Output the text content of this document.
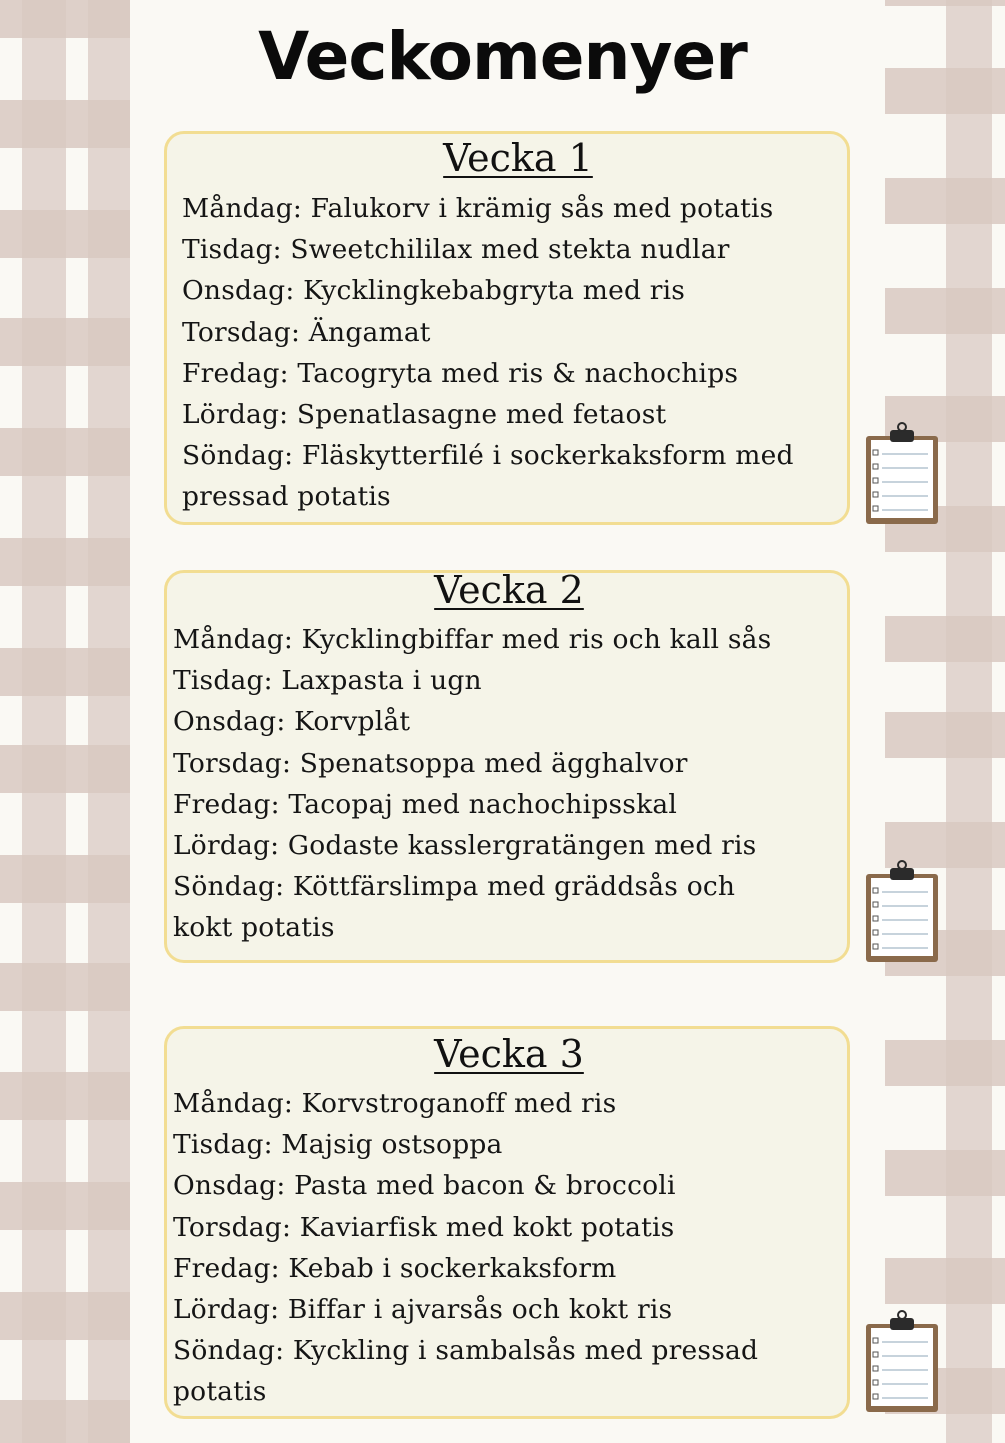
Veckomenyer
Vecka 1
Måndag: Falukorv i krämig sås med potatis
Tisdag: Sweetchililax med stekta nudlar
Onsdag: Kycklingkebabgryta med ris
Torsdag: Ängamat
Fredag: Tacogryta med ris & nachochips
Lördag: Spenatlasagne med fetaost
Söndag: Fläskytterfilé i sockerkaksform med
pressad potatis
Vecka 2
Måndag: Kycklingbiffar med ris och kall sås
Tisdag: Laxpasta i ugn
Onsdag: Korvplåt
Torsdag: Spenatsoppa med ägghalvor
Fredag: Tacopaj med nachochipsskal
Lördag: Godaste kasslergratängen med ris
Söndag: Köttfärslimpa med gräddsås och
kokt potatis
Vecka 3
Måndag: Korvstroganoff med ris
Tisdag: Majsig ostsoppa
Onsdag: Pasta med bacon & broccoli
Torsdag: Kaviarfisk med kokt potatis
Fredag: Kebab i sockerkaksform
Lördag: Biffar i ajvarsås och kokt ris
Söndag: Kyckling i sambalsås med pressad
potatis
